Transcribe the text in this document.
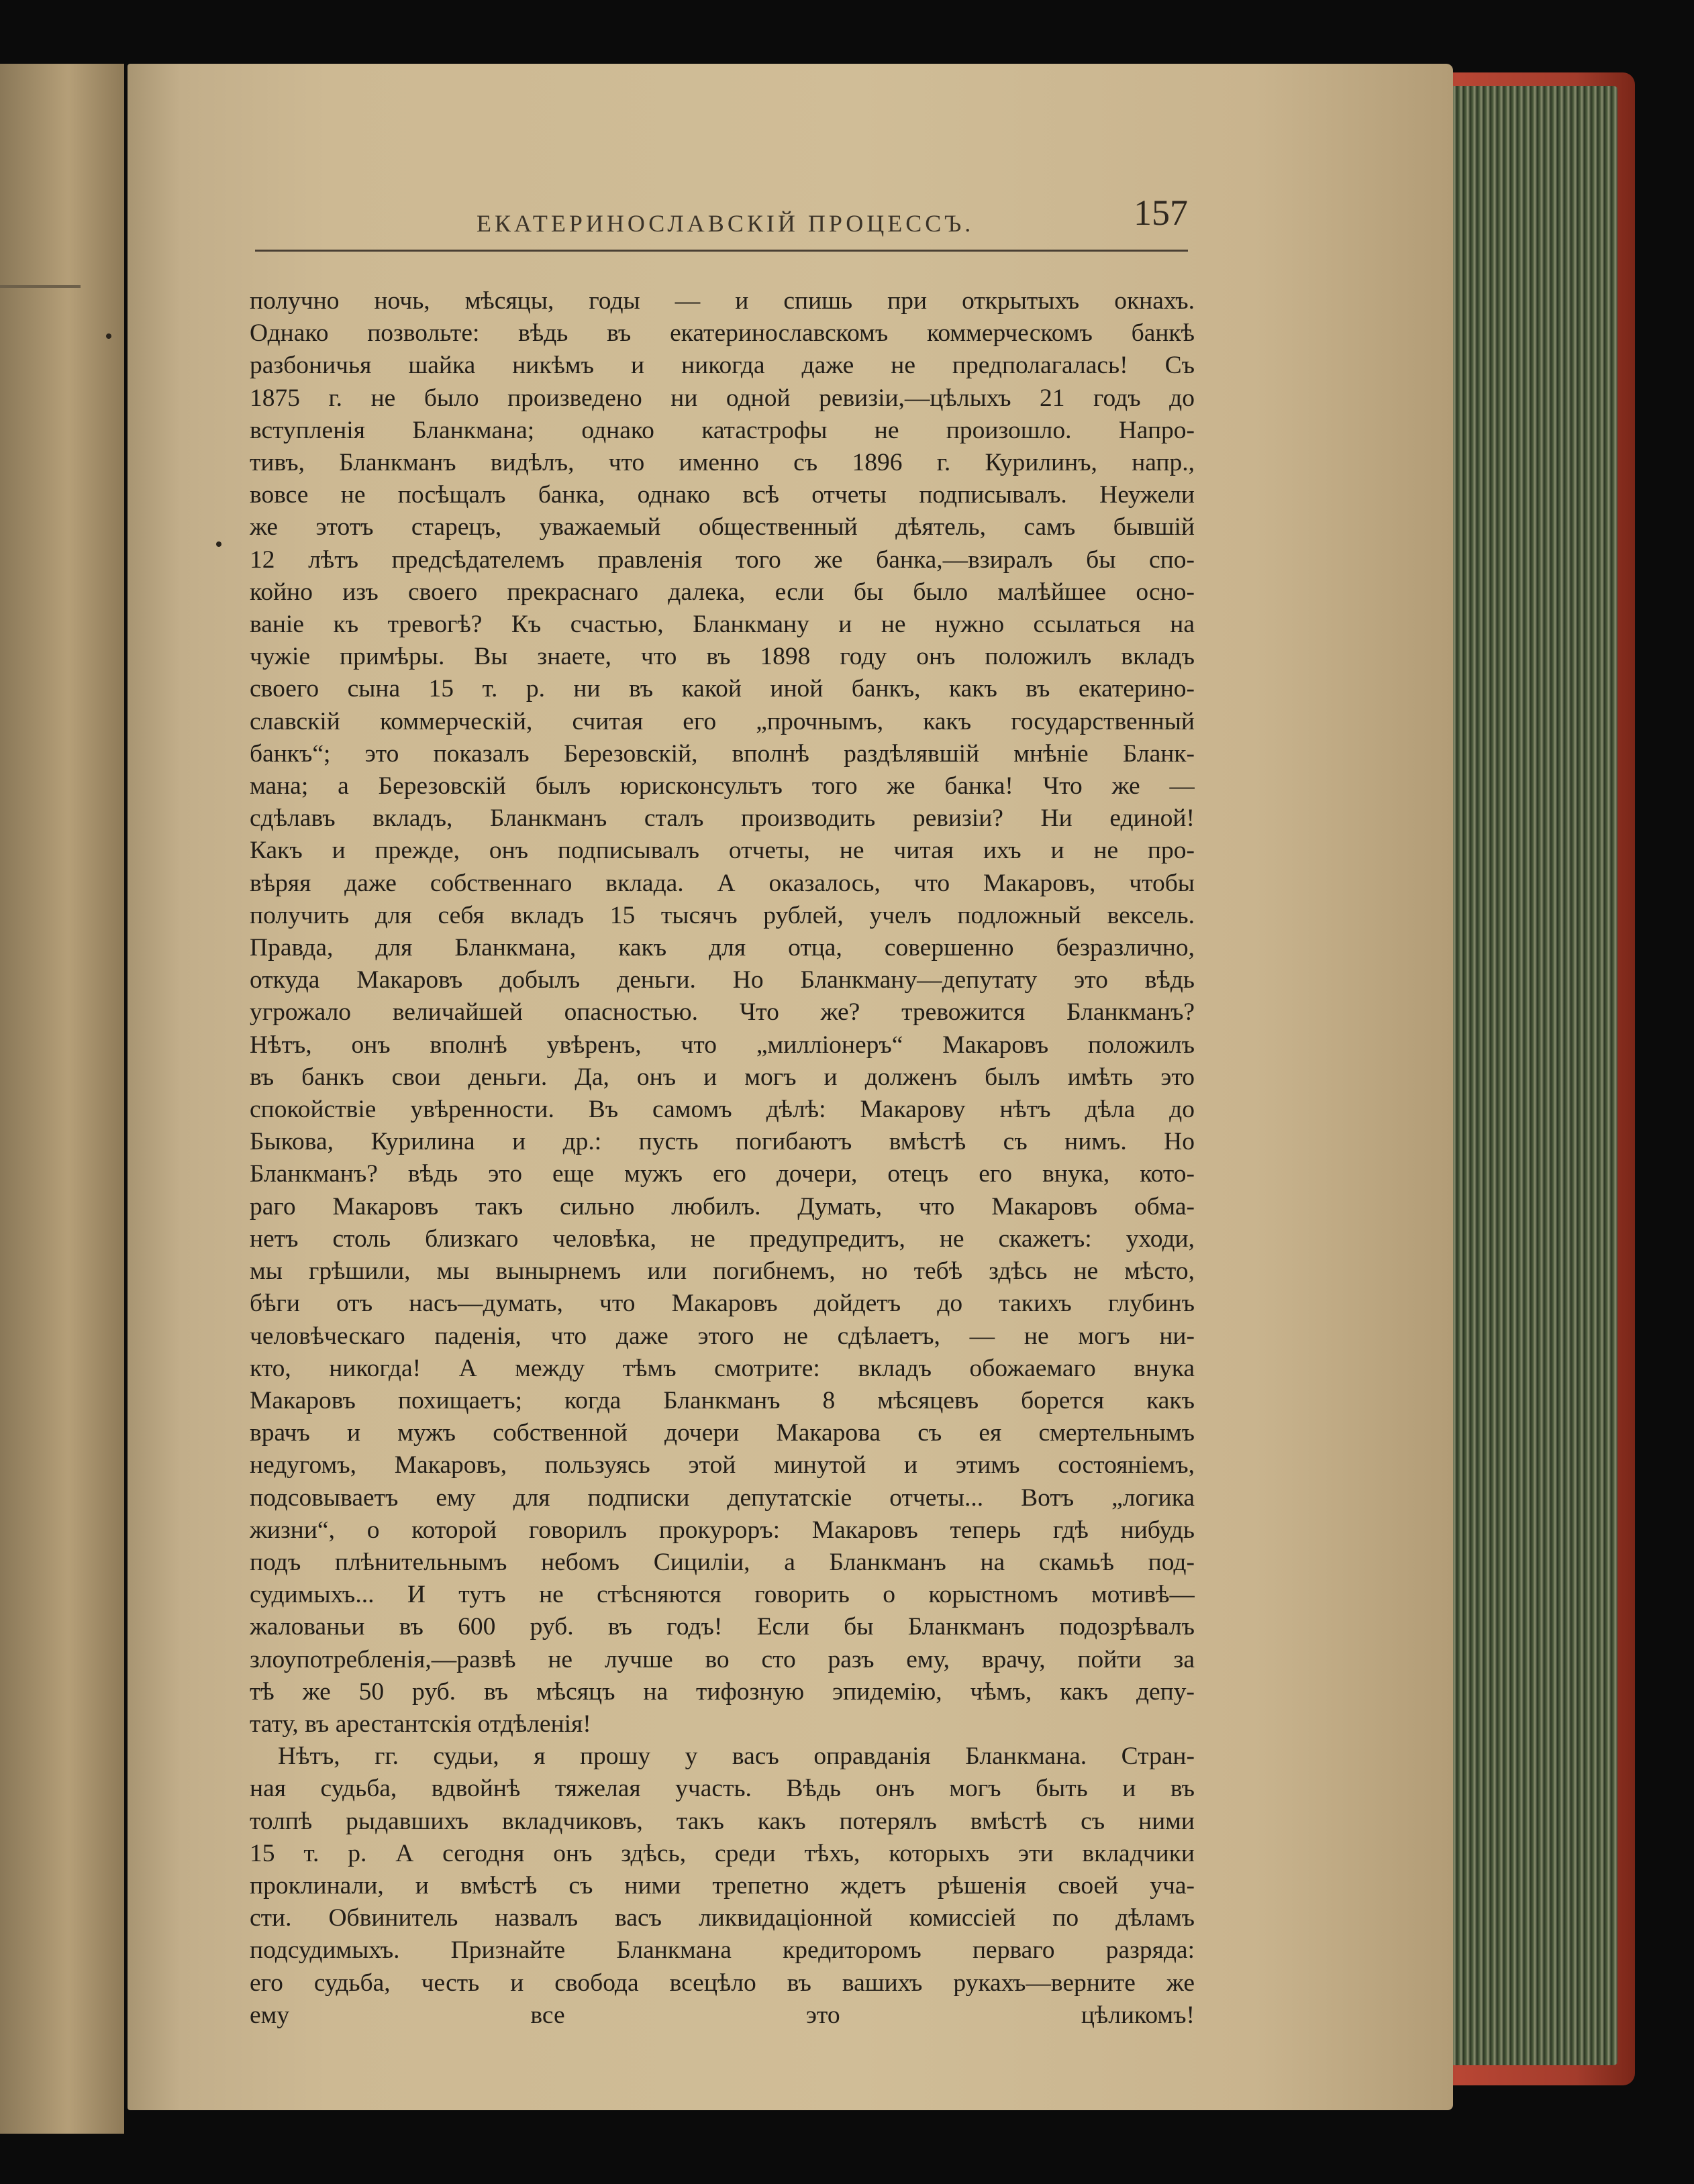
ЕКАТЕРИНОСЛАВСКІЙ ПРОЦЕССЪ.	157
получно ночь, мѣсяцы, годы — и спишь при открытыхъ окнахъ.
Однако позвольте: вѣдь въ екатеринославскомъ коммерческомъ банкѣ
разбоничья шайка никѣмъ и никогда даже не предполагалась! Съ
1875 г. не было произведено ни одной ревизіи,—цѣлыхъ 21 годъ до
вступленія Бланкмана; однако катастрофы не произошло. Напро-
тивъ, Бланкманъ видѣлъ, что именно съ 1896 г. Курилинъ, напр.,
вовсе не посѣщалъ банка, однако всѣ отчеты подписывалъ. Неужели
же этотъ старецъ, уважаемый общественный дѣятель, самъ бывшій
12 лѣтъ предсѣдателемъ правленія того же банка,—взиралъ бы спо-
койно изъ своего прекраснаго далека, если бы было малѣйшее осно-
ваніе къ тревогѣ? Къ счастью, Бланкману и не нужно ссылаться на
чужіе примѣры. Вы знаете, что въ 1898 году онъ положилъ вкладъ
своего сына 15 т. р. ни въ какой иной банкъ, какъ въ екатерино-
славскій коммерческій, считая его „прочнымъ, какъ государственный
банкъ“; это показалъ Березовскій, вполнѣ раздѣлявшій мнѣніе Бланк-
мана; а Березовскій былъ юрисконсультъ того же банка! Что же —
сдѣлавъ вкладъ, Бланкманъ сталъ производить ревизіи? Ни единой!
Какъ и прежде, онъ подписывалъ отчеты, не читая ихъ и не про-
вѣряя даже собственнаго вклада. А оказалось, что Макаровъ, чтобы
получить для себя вкладъ 15 тысячъ рублей, учелъ подложный вексель.
Правда, для Бланкмана, какъ для отца, совершенно безразлично,
откуда Макаровъ добылъ деньги. Но Бланкману—депутату это вѣдь
угрожало величайшей опасностью. Что же? тревожится Бланкманъ?
Нѣтъ, онъ вполнѣ увѣренъ, что „милліонеръ“ Макаровъ положилъ
въ банкъ свои деньги. Да, онъ и могъ и долженъ былъ имѣть это
спокойствіе увѣренности. Въ самомъ дѣлѣ: Макарову нѣтъ дѣла до
Быкова, Курилина и др.: пусть погибаютъ вмѣстѣ съ нимъ. Но
Бланкманъ? вѣдь это еще мужъ его дочери, отецъ его внука, кото-
раго Макаровъ такъ сильно любилъ. Думать, что Макаровъ обма-
нетъ столь близкаго человѣка, не предупредитъ, не скажетъ: уходи,
мы грѣшили, мы вынырнемъ или погибнемъ, но тебѣ здѣсь не мѣсто,
бѣги отъ насъ—думать, что Макаровъ дойдетъ до такихъ глубинъ
человѣческаго паденія, что даже этого не сдѣлаетъ, — не могъ ни-
кто, никогда! А между тѣмъ смотрите: вкладъ обожаемаго внука
Макаровъ похищаетъ; когда Бланкманъ 8 мѣсяцевъ борется какъ
врачъ и мужъ собственной дочери Макарова съ ея смертельнымъ
недугомъ, Макаровъ, пользуясь этой минутой и этимъ состояніемъ,
подсовываетъ ему для подписки депутатскіе отчеты... Вотъ „логика
жизни“, о которой говорилъ прокуроръ: Макаровъ теперь гдѣ нибудь
подъ плѣнительнымъ небомъ Сициліи, а Бланкманъ на скамьѣ под-
судимыхъ... И тутъ не стѣсняются говорить о корыстномъ мотивѣ—
жалованьи въ 600 руб. въ годъ! Если бы Бланкманъ подозрѣвалъ
злоупотребленія,—развѣ не лучше во сто разъ ему, врачу, пойти за
тѣ же 50 руб. въ мѣсяцъ на тифозную эпидемію, чѣмъ, какъ депу-
тату, въ арестантскія отдѣленія!
Нѣтъ, гг. судьи, я прошу у васъ оправданія Бланкмана. Стран-
ная судьба, вдвойнѣ тяжелая участь. Вѣдь онъ могъ быть и въ
толпѣ рыдавшихъ вкладчиковъ, такъ какъ потерялъ вмѣстѣ съ ними
15 т. р. А сегодня онъ здѣсь, среди тѣхъ, которыхъ эти вкладчики
проклинали, и вмѣстѣ съ ними трепетно ждетъ рѣшенія своей уча-
сти. Обвинитель назвалъ васъ ликвидаціонной комиссіей по дѣламъ
подсудимыхъ. Признайте Бланкмана кредиторомъ перваго разряда:
его судьба, честь и свобода всецѣло въ вашихъ рукахъ—верните же
ему все это цѣликомъ!
